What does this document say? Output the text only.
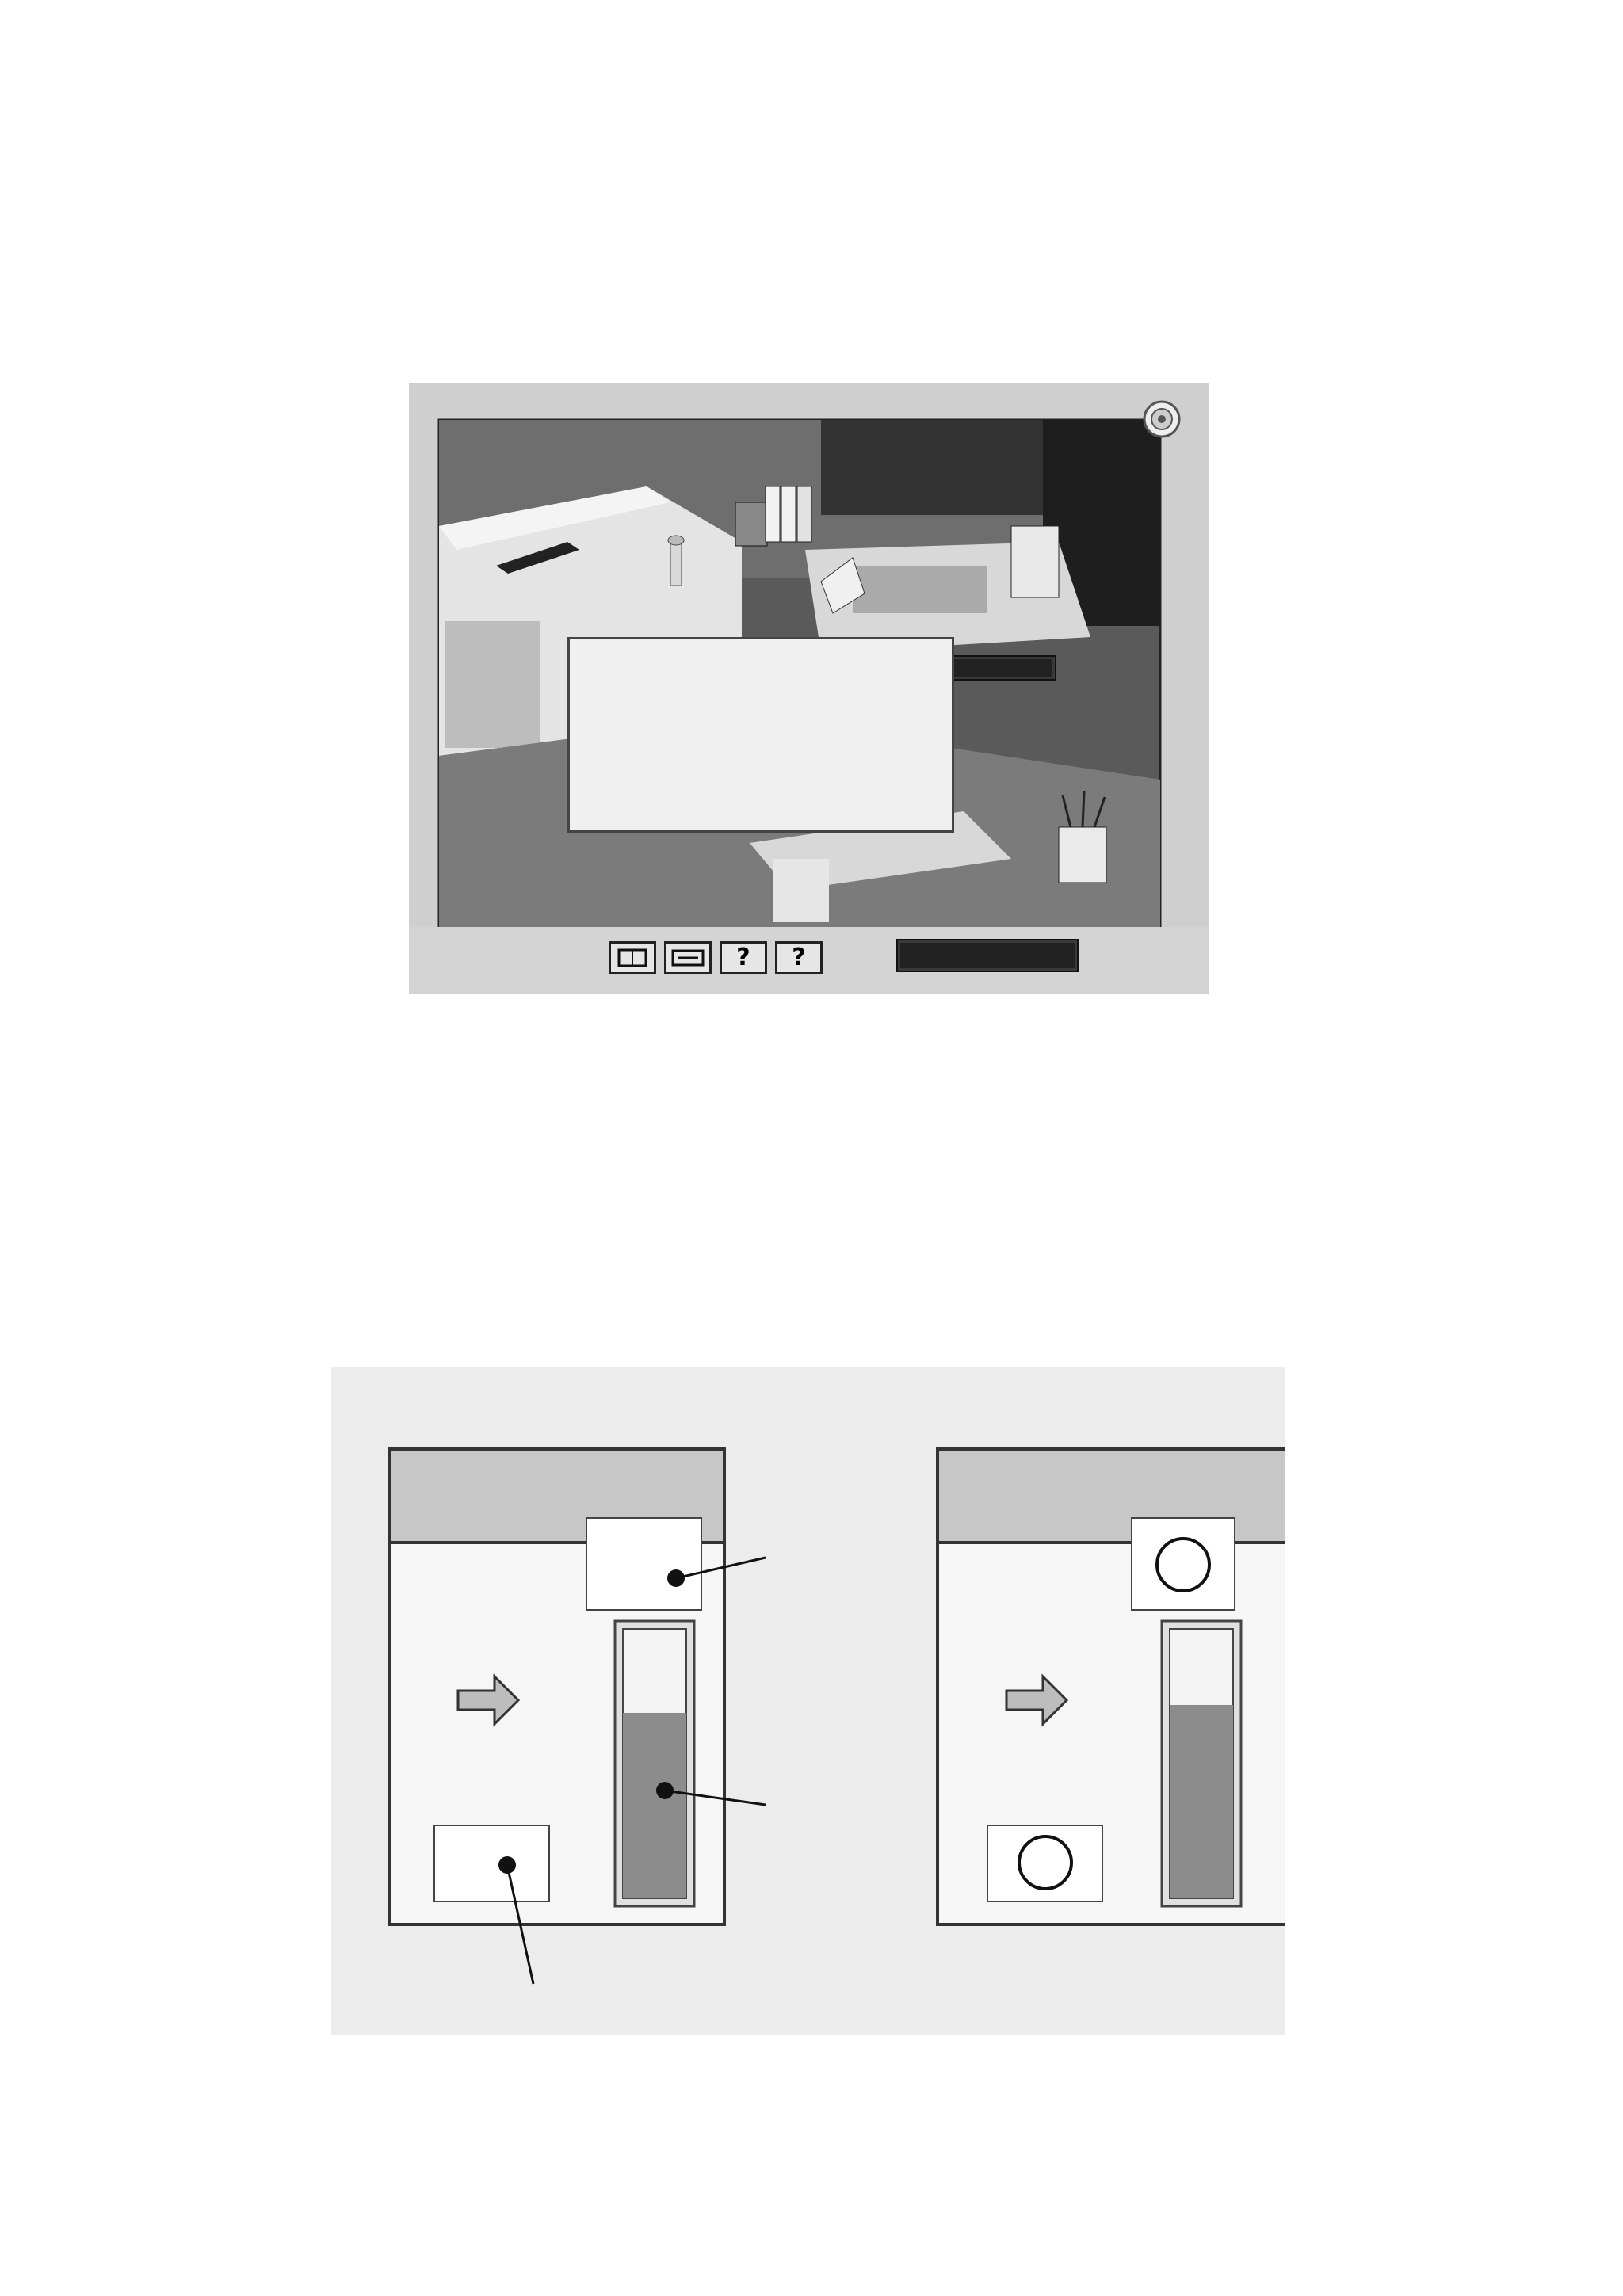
?	?
